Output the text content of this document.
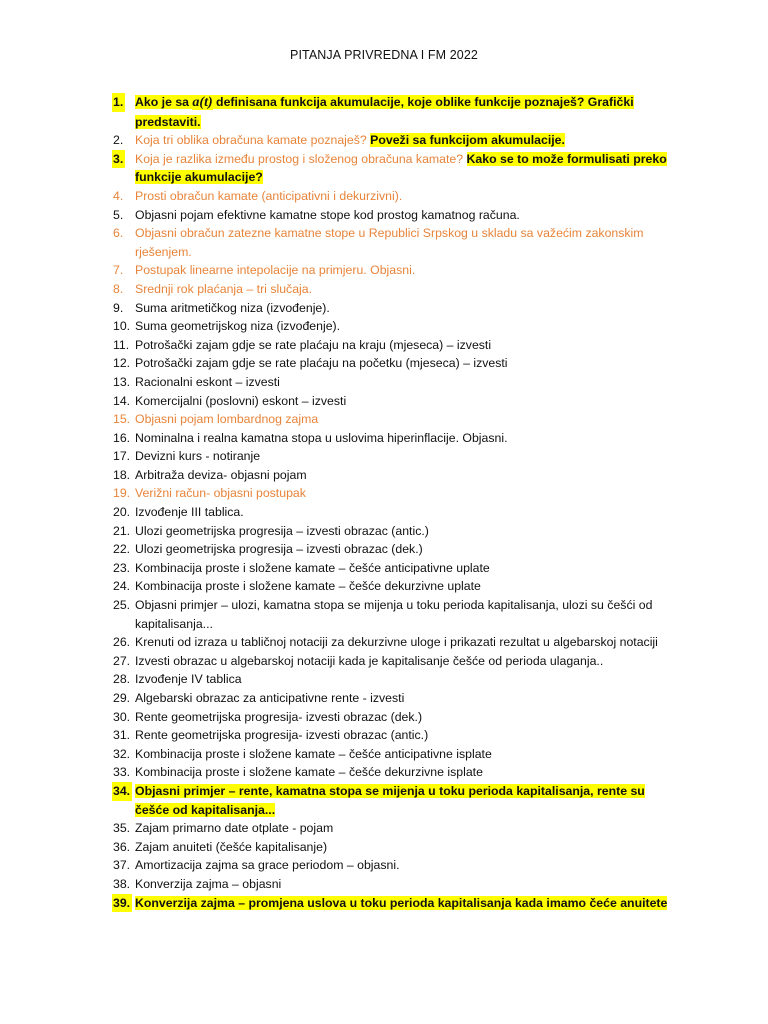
PITANJA PRIVREDNA I FM 2022
1. Ako je sa a(t) definisana funkcija akumulacije, koje oblike funkcije poznaješ? Grafički predstaviti.
2. Koja tri oblika obračuna kamate poznaješ? Poveži sa funkcijom akumulacije.
3. Koja je razlika između prostog i složenog obračuna kamate? Kako se to može formulisati preko funkcije akumulacije?
4. Prosti obračun kamate (anticipativni i dekurzivni).
5. Objasni pojam efektivne kamatne stope kod prostog kamatnog računa.
6. Objasni obračun zatezne kamatne stope u Republici Srpskog u skladu sa važećim zakonskim rješenjem.
7. Postupak linearne intepolacije na primjeru. Objasni.
8. Srednji rok plaćanja – tri slučaja.
9. Suma aritmetičkog niza (izvođenje).
10. Suma geometrijskog niza (izvođenje).
11. Potrošački zajam gdje se rate plaćaju na kraju (mjeseca) – izvesti
12. Potrošački zajam gdje se rate plaćaju na početku (mjeseca) – izvesti
13. Racionalni eskont – izvesti
14. Komercijalni (poslovni) eskont – izvesti
15. Objasni pojam lombardnog zajma
16. Nominalna i realna kamatna stopa u uslovima hiperinflacije. Objasni.
17. Devizni kurs - notiranje
18. Arbitraža deviza- objasni pojam
19. Verižni račun- objasni postupak
20. Izvođenje III tablica.
21. Ulozi geometrijska progresija – izvesti obrazac (antic.)
22. Ulozi geometrijska progresija – izvesti obrazac (dek.)
23. Kombinacija proste i složene kamate – češće anticipativne uplate
24. Kombinacija proste i složene kamate – češće dekurzivne uplate
25. Objasni primjer – ulozi, kamatna stopa se mijenja u toku perioda kapitalisanja, ulozi su češći od kapitalisanja...
26. Krenuti od izraza u tabličnoj notaciji za dekurzivne uloge i prikazati rezultat u algebarskoj notaciji
27. Izvesti obrazac u algebarskoj notaciji kada je kapitalisanje češće od perioda ulaganja..
28. Izvođenje IV tablica
29. Algebarski obrazac za anticipativne rente - izvesti
30. Rente geometrijska progresija- izvesti obrazac (dek.)
31. Rente geometrijska progresija- izvesti obrazac (antic.)
32. Kombinacija proste i složene kamate – češće anticipativne isplate
33. Kombinacija proste i složene kamate – češće dekurzivne isplate
34. Objasni primjer – rente, kamatna stopa se mijenja u toku perioda kapitalisanja, rente su češće od kapitalisanja...
35. Zajam primarno date otplate - pojam
36. Zajam anuiteti (češće kapitalisanje)
37. Amortizacija zajma sa grace periodom – objasni.
38. Konverzija zajma – objasni
39. Konverzija zajma – promjena uslova u toku perioda kapitalisanja kada imamo čeće anuitete
